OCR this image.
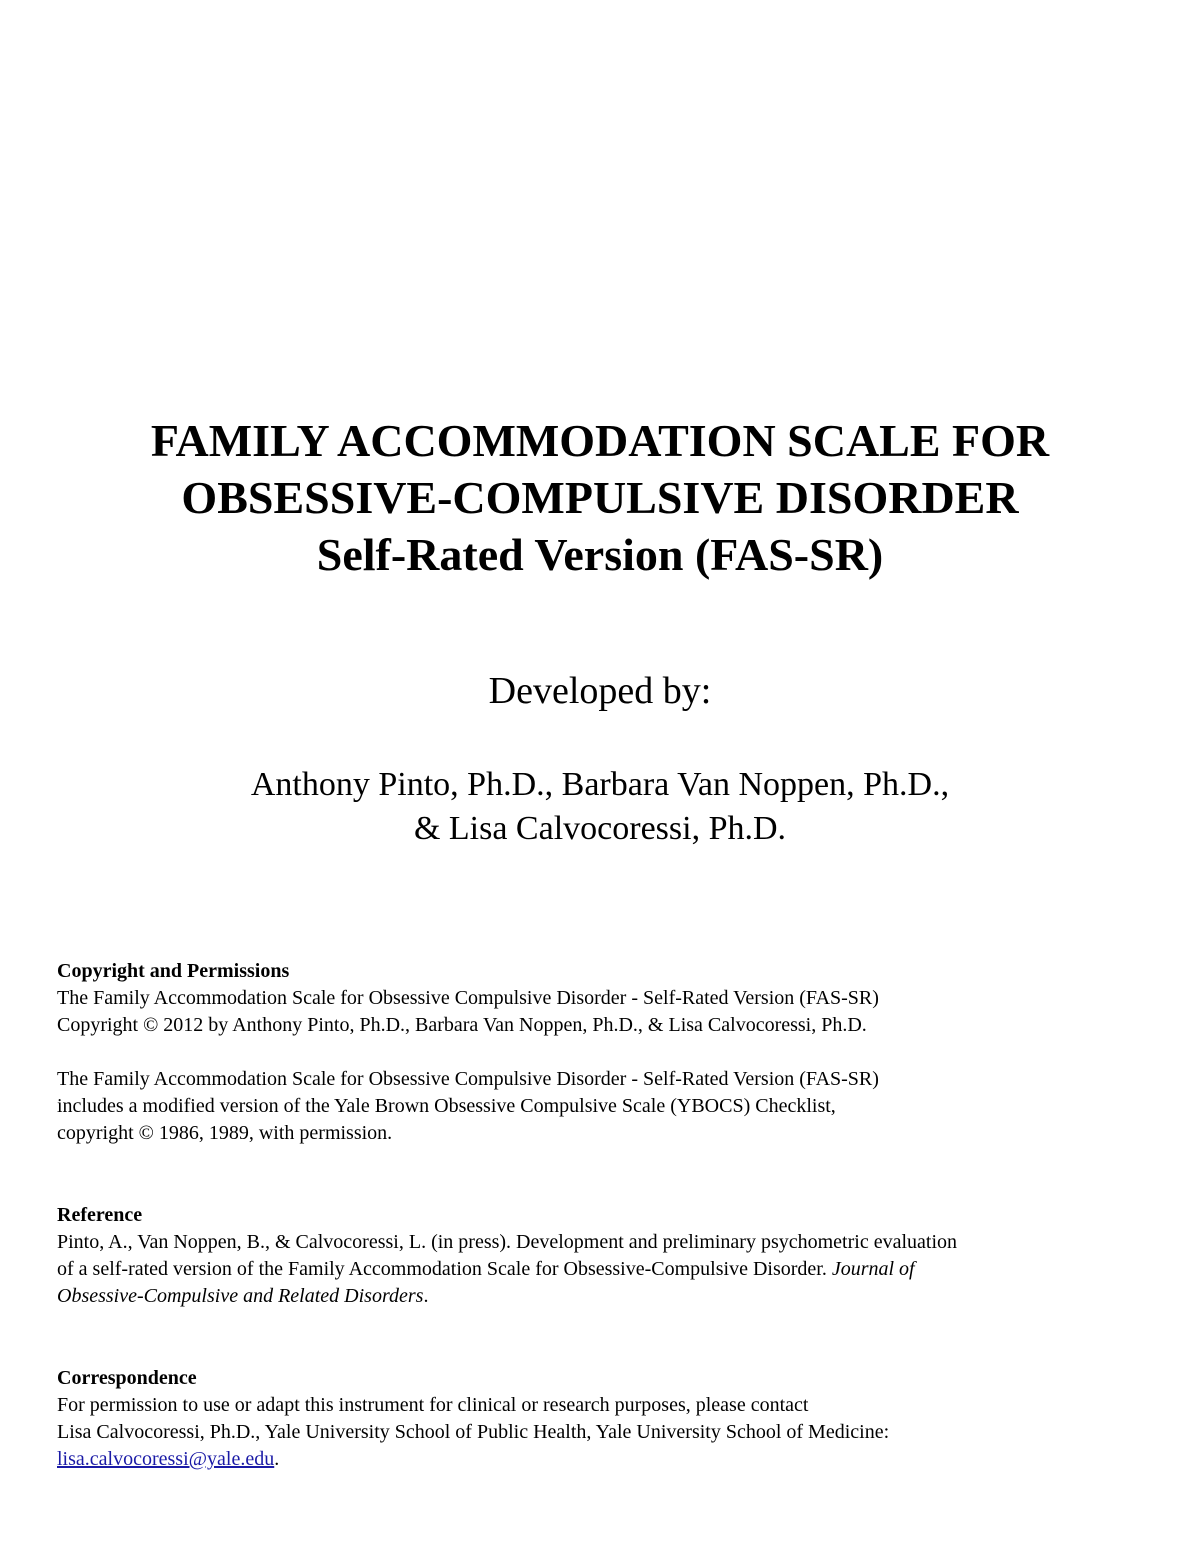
FAMILY ACCOMMODATION SCALE FOR
OBSESSIVE-COMPULSIVE DISORDER
Self-Rated Version (FAS-SR)
Developed by:
Anthony Pinto, Ph.D., Barbara Van Noppen, Ph.D.,
& Lisa Calvocoressi, Ph.D.
Copyright and Permissions
The Family Accommodation Scale for Obsessive Compulsive Disorder - Self-Rated Version (FAS-SR)
Copyright © 2012 by Anthony Pinto, Ph.D., Barbara Van Noppen, Ph.D., & Lisa Calvocoressi, Ph.D.
The Family Accommodation Scale for Obsessive Compulsive Disorder - Self-Rated Version (FAS-SR)
includes a modified version of the Yale Brown Obsessive Compulsive Scale (YBOCS) Checklist,
copyright © 1986, 1989, with permission.
Reference
Pinto, A., Van Noppen, B., & Calvocoressi, L. (in press). Development and preliminary psychometric evaluation
of a self-rated version of the Family Accommodation Scale for Obsessive-Compulsive Disorder. Journal of
Obsessive-Compulsive and Related Disorders.
Correspondence
For permission to use or adapt this instrument for clinical or research purposes, please contact
Lisa Calvocoressi, Ph.D., Yale University School of Public Health, Yale University School of Medicine:
lisa.calvocoressi@yale.edu.
